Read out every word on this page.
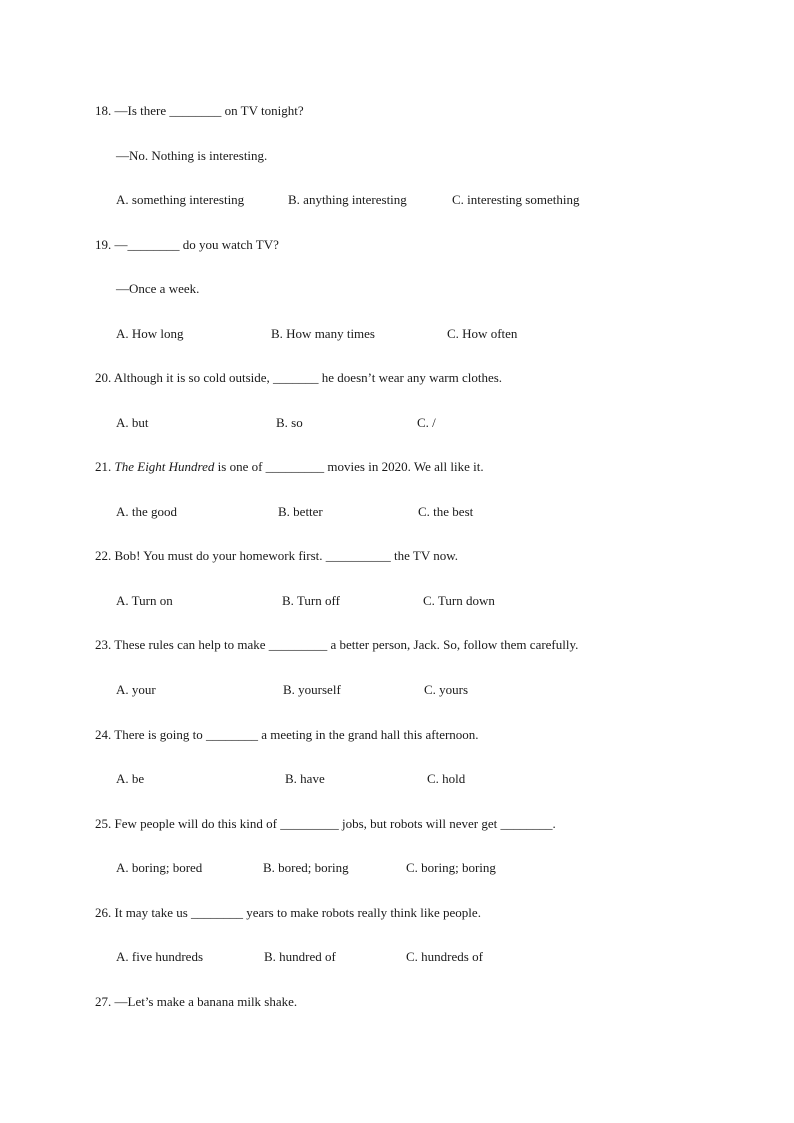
18. —Is there ________ on TV tonight?
—No. Nothing is interesting.
A. something interesting	B. anything interesting	C. interesting something
19. —________ do you watch TV?
—Once a week.
A. How long	B. How many times	C. How often
20. Although it is so cold outside, _______ he doesn’t wear any warm clothes.
A. but	B. so	C. /
21. The Eight Hundred is one of _________ movies in 2020. We all like it.
A. the good	B. better	C. the best
22. Bob! You must do your homework first. __________ the TV now.
A. Turn on	B. Turn off	C. Turn down
23. These rules can help to make _________ a better person, Jack. So, follow them carefully.
A. your	B. yourself	C. yours
24. There is going to ________ a meeting in the grand hall this afternoon.
A. be	B. have	C. hold
25. Few people will do this kind of _________ jobs, but robots will never get ________.
A. boring; bored	B. bored; boring	C. boring; boring
26. It may take us ________ years to make robots really think like people.
A. five hundreds	B. hundred of	C. hundreds of
27. —Let’s make a banana milk shake.
